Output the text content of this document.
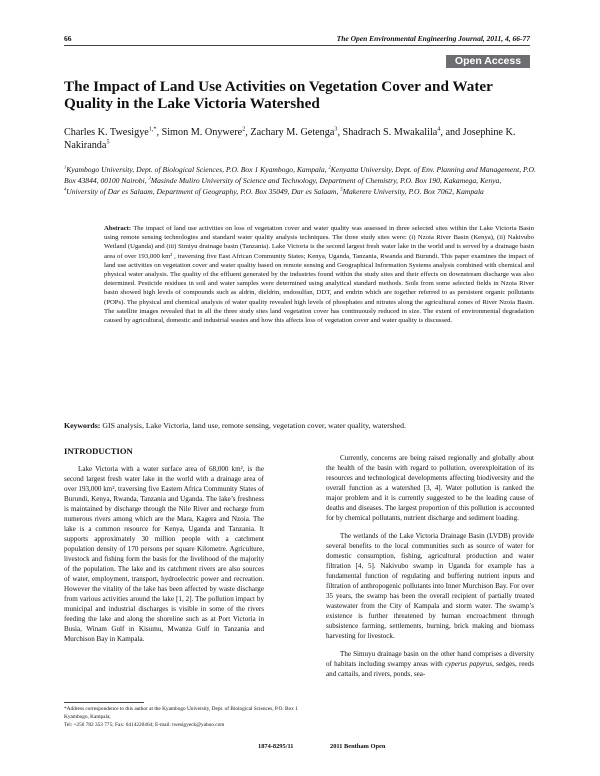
66	The Open Environmental Engineering Journal, 2011, 4, 66-77
Open Access
The Impact of Land Use Activities on Vegetation Cover and Water Quality in the Lake Victoria Watershed
Charles K. Twesigye$^{1,*}$, Simon M. Onywere$^2$, Zachary M. Getenga$^3$, Shadrach S. Mwakalila$^4$, and Josephine K. Nakiranda$^5$
$^1$Kyambogo University, Dept. of Biological Sciences, P.O. Box 1 Kyambogo, Kampala, $^2$Kenyatta University, Dept. of Env. Planning and Management, P.O. Box 43844, 00100 Nairobi, $^3$Masinde Muliro University of Science and Technology, Department of Chemistry, P.O. Box 190, Kakamega, Kenya, $^4$University of Dar es Salaam, Department of Geography, P.O. Box 35049, Dar es Salaam, $^5$Makerere University, P.O. Box 7062, Kampala
Abstract: The impact of land use activities on loss of vegetation cover and water quality was assessed in three selected sites within the Lake Victoria Basin using remote sensing technologies and standard water quality analysis techniques. The three study sites were: (i) Nzoia River Basin (Kenya), (ii) Nakivubo Wetland (Uganda) and (iii) Simiyu drainage basin (Tanzania). Lake Victoria is the second largest fresh water lake in the world and is served by a drainage basin area of over 193,000 km² , traversing five East African Community States; Kenya, Uganda, Tanzania, Rwanda and Burundi. This paper examines the impact of land use activities on vegetation cover and water quality based on remote sensing and Geographical Information Systems analysis combined with chemical and physical water analysis. The quality of the effluent generated by the industries found within the study sites and their effects on downstream discharge was also determined. Pesticide residues in soil and water samples were determined using analytical standard methods. Soils from some selected fields in Nzoia River basin showed high levels of compounds such as aldrin, dieldrin, endosulfan, DDT, and endrin which are together referred to as persistent organic pollutants (POPs). The physical and chemical analysis of water quality revealed high levels of phosphates and nitrates along the agricultural zones of River Nzoia Basin. The satellite images revealed that in all the three study sites land vegetation cover has continuously reduced in size. The extent of environmental degradation caused by agricultural, domestic and industrial wastes and how this affects loss of vegetation cover and water quality is discussed.
Keywords: GIS analysis, Lake Victoria, land use, remote sensing, vegetation cover, water quality, watershed.
INTRODUCTION

Lake Victoria with a water surface area of 68,000 km², is the second largest fresh water lake in the world with a drainage area of over 193,000 km², traversing five Eastern Africa Community States of Burundi, Kenya, Rwanda, Tanzania and Uganda. The lake’s freshness is maintained by discharge through the Nile River and recharge from numerous rivers among which are the Mara, Kagera and Nzoia. The lake is a common resource for Kenya, Uganda and Tanzania. It supports approximately 30 million people with a catchment population density of 170 persons per square Kilometre. Agriculture, livestock and fishing form the basis for the livelihood of the majority of the population. The lake and its catchment rivers are also sources of water, employment, transport, hydroelectric power and recreation. However the vitality of the lake has been affected by waste discharge from various activities around the lake [1, 2]. The pollution impact by municipal and industrial discharges is visible in some of the rivers feeding the lake and along the shoreline such as at Port Victoria in Busia, Winam Gulf in Kisumu, Mwanza Gulf in Tanzania and Murchison Bay in Kampala.

Currently, concerns are being raised regionally and globally about the health of the basin with regard to pollution, overexploitation of its resources and technological developments affecting biodiversity and the overall function as a watershed [3, 4]. Water pollution is ranked the major problem and it is currently suggested to be the leading cause of deaths and diseases. The largest proportion of this pollution is accounted for by chemical pollutants, nutrient discharge and sediment loading.

The wetlands of the Lake Victoria Drainage Basin (LVDB) provide several benefits to the local communities such as source of water for domestic consumption, fishing, agricultural production and water filtration [4, 5]. Nakivubo swamp in Uganda for example has a fundamental function of regulating and buffering nutrient inputs and filtration of anthropogenic pollutants into Inner Murchison Bay. For over 35 years, the swamp has been the overall recipient of partially treated wastewater from the City of Kampala and storm water. The swamp’s existence is further threatened by human encroachment through subsistence farming, settlements, burning, brick making and biomass harvesting for livestock.

The Simuyu drainage basin on the other hand comprises a diversity of habitats including swampy areas with cyperus papyrus, sedges, reeds and cattails, and rivers, ponds, sea-

*Address correspondence to this author at the Kyambogo University, Dept. of Biological Sciences, P.O. Box 1 Kyambogo, Kampala;
Tel: +256 782 353 775; Fax: 0414220464; E-mail: twesigyeck@yahoo.com
1874-8295/11	2011 Bentham Open
